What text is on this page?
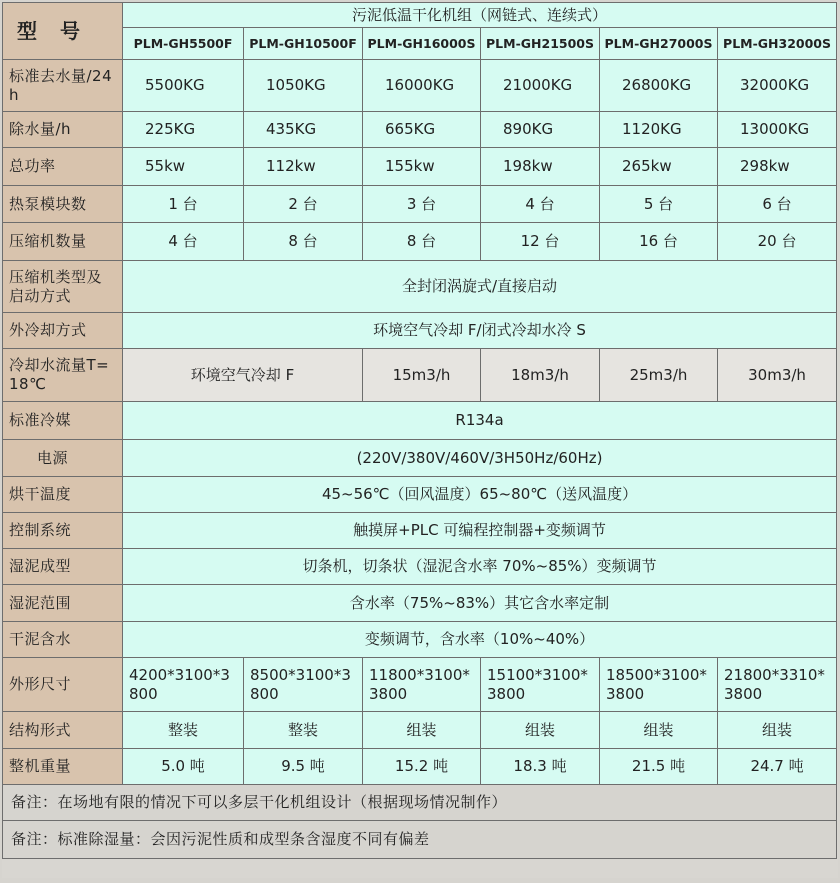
型 号	污泥低温干化机组（网链式、连续式）					
	PLM-GH5500F	PLM-GH10500F	PLM-GH16000S	PLM-GH21500S	PLM-GH27000S	PLM-GH32000S
标准去水量/24h	5500KG	1050KG	16000KG	21000KG	26800KG	32000KG
除水量/h	225KG	435KG	665KG	890KG	1120KG	13000KG
总功率	55kw	112kw	155kw	198kw	265kw	298kw
热泵模块数	1 台	2 台	3 台	4 台	5 台	6 台
压缩机数量	4 台	8 台	8 台	12 台	16 台	20 台
压缩机类型及启动方式	全封闭涡旋式/直接启动					
外冷却方式	环境空气冷却 F/闭式冷却水冷 S					
冷却水流量T=18℃	环境空气冷却 F		15m3/h	18m3/h	25m3/h	30m3/h
标准冷媒	R134a					
电源	(220V/380V/460V/3H50Hz/60Hz)					
烘干温度	45~56℃（回风温度）65~80℃（送风温度）					
控制系统	触摸屏+PLC 可编程控制器+变频调节					
湿泥成型	切条机，切条状（湿泥含水率 70%~85%）变频调节					
湿泥范围	含水率（75%~83%）其它含水率定制					
干泥含水	变频调节，含水率（10%~40%）					
外形尺寸	4200*3100*3800	8500*3100*3800	11800*3100*3800	15100*3100*3800	18500*3100*3800	21800*3310*3800
结构形式	整装	整装	组装	组装	组装	组装
整机重量	5.0 吨	9.5 吨	15.2 吨	18.3 吨	21.5 吨	24.7 吨
备注：在场地有限的情况下可以多层干化机组设计（根据现场情况制作）						
备注：标准除湿量：会因污泥性质和成型条含湿度不同有偏差						
